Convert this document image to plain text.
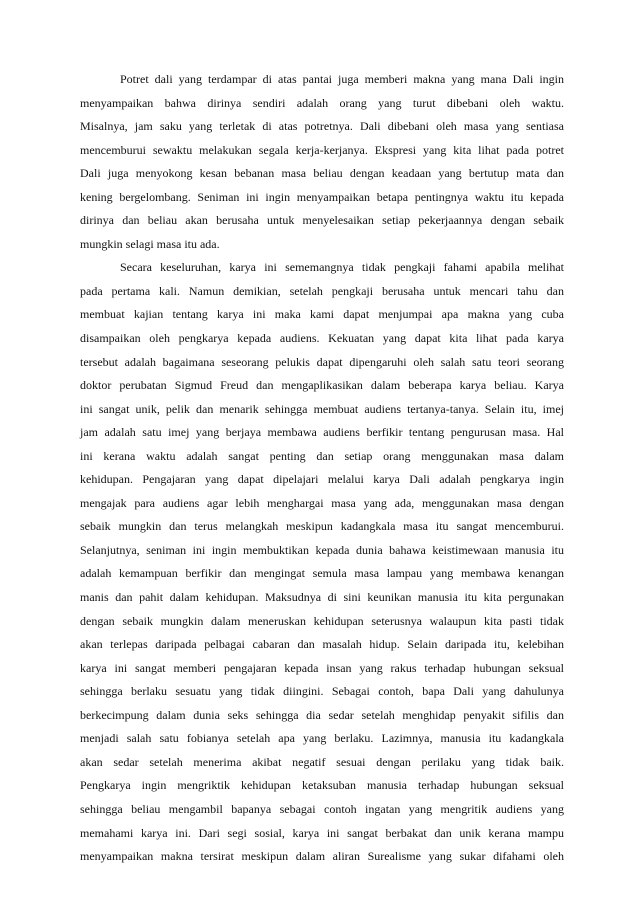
Potret dali yang terdampar di atas pantai juga memberi makna yang mana Dali ingin
menyampaikan bahwa dirinya sendiri adalah orang yang turut dibebani oleh waktu.
Misalnya, jam saku yang terletak di atas potretnya. Dali dibebani oleh masa yang sentiasa
mencemburui sewaktu melakukan segala kerja-kerjanya. Ekspresi yang kita lihat pada potret
Dali juga menyokong kesan bebanan masa beliau dengan keadaan yang bertutup mata dan
kening bergelombang. Seniman ini ingin menyampaikan betapa pentingnya waktu itu kepada
dirinya dan beliau akan berusaha untuk menyelesaikan setiap pekerjaannya dengan sebaik
mungkin selagi masa itu ada.
Secara keseluruhan, karya ini sememangnya tidak pengkaji fahami apabila melihat
pada pertama kali. Namun demikian, setelah pengkaji berusaha untuk mencari tahu dan
membuat kajian tentang karya ini maka kami dapat menjumpai apa makna yang cuba
disampaikan oleh pengkarya kepada audiens. Kekuatan yang dapat kita lihat pada karya
tersebut adalah bagaimana seseorang pelukis dapat dipengaruhi oleh salah satu teori seorang
doktor perubatan Sigmud Freud dan mengaplikasikan dalam beberapa karya beliau. Karya
ini sangat unik, pelik dan menarik sehingga membuat audiens tertanya-tanya. Selain itu, imej
jam adalah satu imej yang berjaya membawa audiens berfikir tentang pengurusan masa. Hal
ini kerana waktu adalah sangat penting dan setiap orang menggunakan masa dalam
kehidupan. Pengajaran yang dapat dipelajari melalui karya Dali adalah pengkarya ingin
mengajak para audiens agar lebih menghargai masa yang ada, menggunakan masa dengan
sebaik mungkin dan terus melangkah meskipun kadangkala masa itu sangat mencemburui.
Selanjutnya, seniman ini ingin membuktikan kepada dunia bahawa keistimewaan manusia itu
adalah kemampuan berfikir dan mengingat semula masa lampau yang membawa kenangan
manis dan pahit dalam kehidupan. Maksudnya di sini keunikan manusia itu kita pergunakan
dengan sebaik mungkin dalam meneruskan kehidupan seterusnya walaupun kita pasti tidak
akan terlepas daripada pelbagai cabaran dan masalah hidup. Selain daripada itu, kelebihan
karya ini sangat memberi pengajaran kepada insan yang rakus terhadap hubungan seksual
sehingga berlaku sesuatu yang tidak diingini. Sebagai contoh, bapa Dali yang dahulunya
berkecimpung dalam dunia seks sehingga dia sedar setelah menghidap penyakit sifilis dan
menjadi salah satu fobianya setelah apa yang berlaku. Lazimnya, manusia itu kadangkala
akan sedar setelah menerima akibat negatif sesuai dengan perilaku yang tidak baik.
Pengkarya ingin mengriktik kehidupan ketaksuban manusia terhadap hubungan seksual
sehingga beliau mengambil bapanya sebagai contoh ingatan yang mengritik audiens yang
memahami karya ini. Dari segi sosial, karya ini sangat berbakat dan unik kerana mampu
menyampaikan makna tersirat meskipun dalam aliran Surealisme yang sukar difahami oleh
